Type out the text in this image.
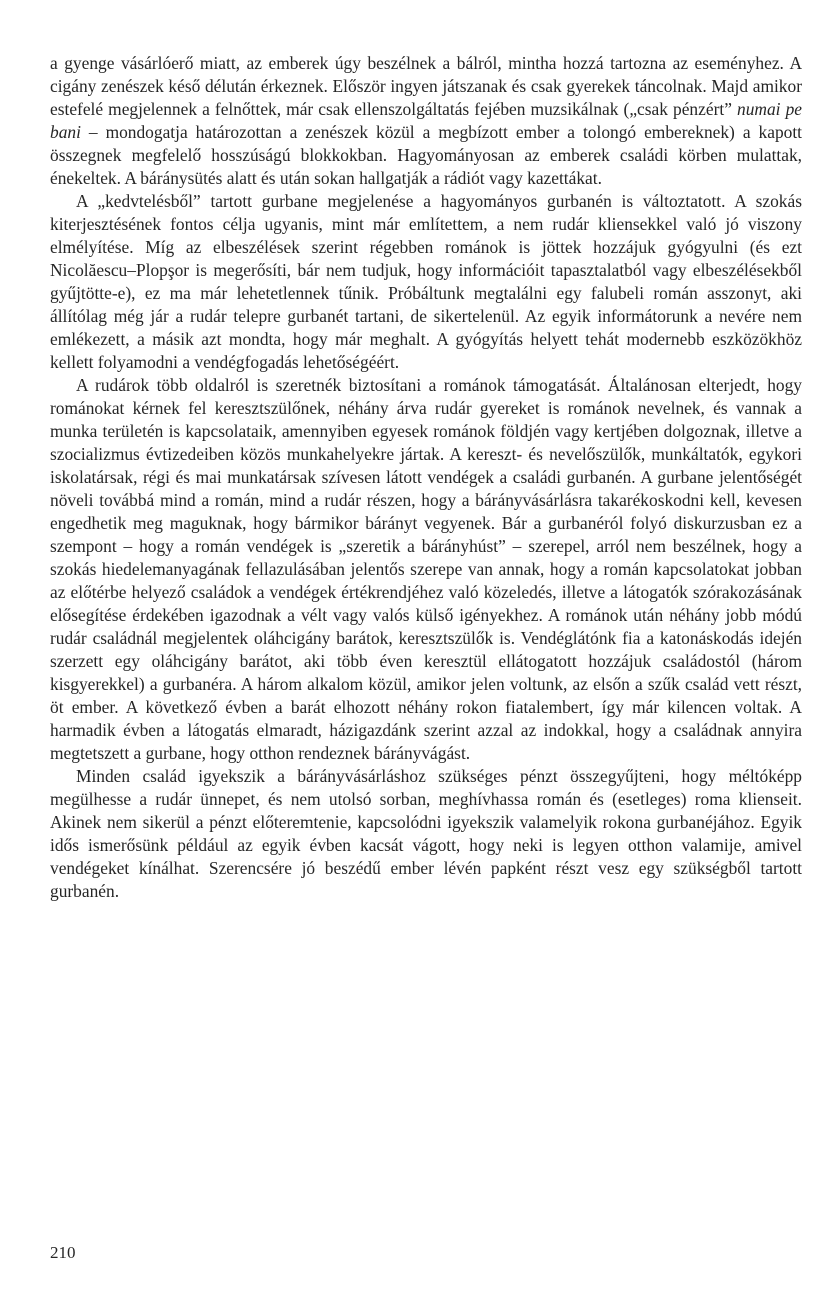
a gyenge vásárlóerő miatt, az emberek úgy beszélnek a bálról, mintha hozzá tartozna az eseményhez. A cigány zenészek késő délután érkeznek. Először ingyen játszanak és csak gyerekek táncolnak. Majd amikor estefelé megjelennek a felnőttek, már csak ellenszolgáltatás fejében muzsikálnak („csak pénzért” numai pe bani – mondogatja határozottan a zenészek közül a megbízott ember a tolongó embereknek) a kapott összegnek megfelelő hosszúságú blokkokban. Hagyományosan az emberek családi körben mulattak, énekeltek. A báránysütés alatt és után sokan hallgatják a rádiót vagy kazettákat.

A „kedvtelésből” tartott gurbane megjelenése a hagyományos gurbanén is változtatott. A szokás kiterjesztésének fontos célja ugyanis, mint már említettem, a nem rudár kliensekkel való jó viszony elmélyítése. Míg az elbeszélések szerint régebben románok is jöttek hozzájuk gyógyulni (és ezt Nicolăescu–Plopşor is megerősíti, bár nem tudjuk, hogy információit tapasztalatból vagy elbeszélésekből gyűjtötte-e), ez ma már lehetetlennek tűnik. Próbáltunk megtalálni egy falubeli román asszonyt, aki állítólag még jár a rudár telepre gurbanét tartani, de sikertelenül. Az egyik informátorunk a nevére nem emlékezett, a másik azt mondta, hogy már meghalt. A gyógyítás helyett tehát modernebb eszközökhöz kellett folyamodni a vendégfogadás lehetőségéért.

A rudárok több oldalról is szeretnék biztosítani a románok támogatását. Általánosan elterjedt, hogy románokat kérnek fel keresztszülőnek, néhány árva rudár gyereket is románok nevelnek, és vannak a munka területén is kapcsolataik, amennyiben egyesek románok földjén vagy kertjében dolgoznak, illetve a szocializmus évtizedeiben közös munkahelyekre jártak. A kereszt- és nevelőszülők, munkáltatók, egykori iskolatársak, régi és mai munkatársak szívesen látott vendégek a családi gurbanén. A gurbane jelentőségét növeli továbbá mind a román, mind a rudár részen, hogy a bárányvásárlásra takarékoskodni kell, kevesen engedhetik meg maguknak, hogy bármikor bárányt vegyenek. Bár a gurbanéról folyó diskurzusban ez a szempont – hogy a román vendégek is „szeretik a bárányhúst” – szerepel, arról nem beszélnek, hogy a szokás hiedelemanyagának fellazulásában jelentős szerepe van annak, hogy a román kapcsolatokat jobban az előtérbe helyező családok a vendégek értékrendjéhez való közeledés, illetve a látogatók szórakozásának elősegítése érdekében igazodnak a vélt vagy valós külső igényekhez. A románok után néhány jobb módú rudár családnál megjelentek oláhcigány barátok, keresztszülők is. Vendéglátónk fia a katonáskodás idején szerzett egy oláhcigány barátot, aki több éven keresztül ellátogatott hozzájuk családostól (három kisgyerekkel) a gurbanéra. A három alkalom közül, amikor jelen voltunk, az elsőn a szűk család vett részt, öt ember. A következő évben a barát elhozott néhány rokon fiatalembert, így már kilencen voltak. A harmadik évben a látogatás elmaradt, házigazdánk szerint azzal az indokkal, hogy a családnak annyira megtetszett a gurbane, hogy otthon rendeznek bárányvágást.

Minden család igyekszik a bárányvásárláshoz szükséges pénzt összegyűjteni, hogy méltóképp megülhesse a rudár ünnepet, és nem utolsó sorban, meghívhassa román és (esetleges) roma klienseit. Akinek nem sikerül a pénzt előteremtenie, kapcsolódni igyekszik valamelyik rokona gurbanéjához. Egyik idős ismerősünk például az egyik évben kacsát vágott, hogy neki is legyen otthon valamije, amivel vendégeket kínálhat. Szerencsére jó beszédű ember lévén papként részt vesz egy szükségből tartott gurbanén.

210
